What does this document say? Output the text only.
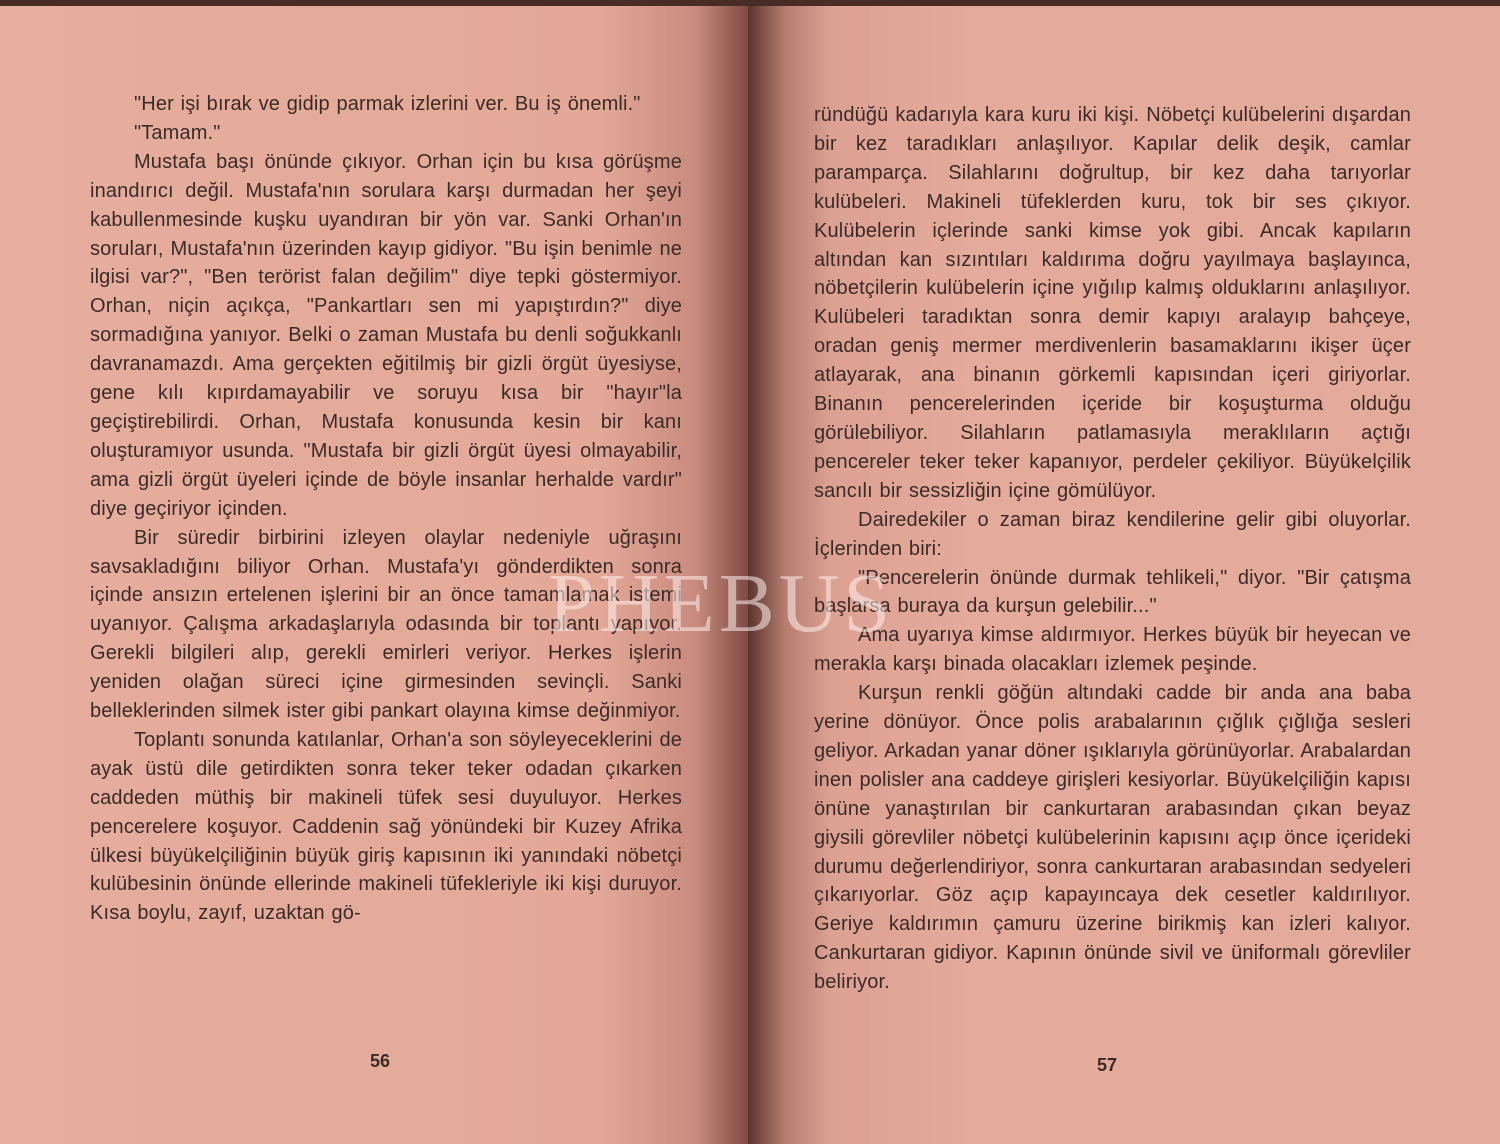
"Her işi bırak ve gidip parmak izlerini ver. Bu iş önemli."

"Tamam."

Mustafa başı önünde çıkıyor. Orhan için bu kısa görüşme inandırıcı değil. Mustafa'nın sorulara karşı durmadan her şeyi kabullenmesinde kuşku uyandıran bir yön var. Sanki Orhan'ın soruları, Mustafa'nın üzerinden kayıp gidiyor. "Bu işin benimle ne ilgisi var?", "Ben terörist falan değilim" diye tepki göstermiyor. Orhan, niçin açıkça, "Pankartları sen mi yapıştırdın?" diye sormadığına yanıyor. Belki o zaman Mustafa bu denli soğukkanlı davranamazdı. Ama gerçekten eğitilmiş bir gizli örgüt üyesiyse, gene kılı kıpırdamayabilir ve soruyu kısa bir "hayır"la geçiştirebilirdi. Orhan, Mustafa konusunda kesin bir kanı oluşturamıyor usunda. "Mustafa bir gizli örgüt üyesi olmayabilir, ama gizli örgüt üyeleri içinde de böyle insanlar herhalde vardır" diye geçiriyor içinden.

Bir süredir birbirini izleyen olaylar nedeniyle uğraşını savsakladığını biliyor Orhan. Mustafa'yı gönderdikten sonra içinde ansızın ertelenen işlerini bir an önce tamamlamak istemi uyanıyor. Çalışma arkadaşlarıyla odasında bir toplantı yapıyor. Gerekli bilgileri alıp, gerekli emirleri veriyor. Herkes işlerin yeniden olağan süreci içine girmesinden sevinçli. Sanki belleklerinden silmek ister gibi pankart olayına kimse değinmiyor.

Toplantı sonunda katılanlar, Orhan'a son söyleyeceklerini de ayak üstü dile getirdikten sonra teker teker odadan çıkarken caddeden müthiş bir makineli tüfek sesi duyuluyor. Herkes pencerelere koşuyor. Caddenin sağ yönündeki bir Kuzey Afrika ülkesi büyükelçiliğinin büyük giriş kapısının iki yanındaki nöbetçi kulübesinin önünde ellerinde makineli tüfekleriyle iki kişi duruyor. Kısa boylu, zayıf, uzaktan gö-

56

ründüğü kadarıyla kara kuru iki kişi. Nöbetçi kulübelerini dışardan bir kez taradıkları anlaşılıyor. Kapılar delik deşik, camlar paramparça. Silahlarını doğrultup, bir kez daha tarıyorlar kulübeleri. Makineli tüfeklerden kuru, tok bir ses çıkıyor. Kulübelerin içlerinde sanki kimse yok gibi. Ancak kapıların altından kan sızıntıları kaldırıma doğru yayılmaya başlayınca, nöbetçilerin kulübelerin içine yığılıp kalmış olduklarını anlaşılıyor. Kulübeleri taradıktan sonra demir kapıyı aralayıp bahçeye, oradan geniş mermer merdivenlerin basamaklarını ikişer üçer atlayarak, ana binanın görkemli kapısından içeri giriyorlar. Binanın pencerelerinden içeride bir koşuşturma olduğu görülebiliyor. Silahların patlamasıyla meraklıların açtığı pencereler teker teker kapanıyor, perdeler çekiliyor. Büyükelçilik sancılı bir sessizliğin içine gömülüyor.

Dairedekiler o zaman biraz kendilerine gelir gibi oluyorlar. İçlerinden biri:

"Pencerelerin önünde durmak tehlikeli," diyor. "Bir çatışma başlarsa buraya da kurşun gelebilir..."

Ama uyarıya kimse aldırmıyor. Herkes büyük bir heyecan ve merakla karşı binada olacakları izlemek peşinde.

Kurşun renkli göğün altındaki cadde bir anda ana baba yerine dönüyor. Önce polis arabalarının çığlık çığlığa sesleri geliyor. Arkadan yanar döner ışıklarıyla görünüyorlar. Arabalardan inen polisler ana caddeye girişleri kesiyorlar. Büyükelçiliğin kapısı önüne yanaştırılan bir cankurtaran arabasından çıkan beyaz giysili görevliler nöbetçi kulübelerinin kapısını açıp önce içerideki durumu değerlendiriyor, sonra cankurtaran arabasından sedyeleri çıkarıyorlar. Göz açıp kapayıncaya dek cesetler kaldırılıyor. Geriye kaldırımın çamuru üzerine birikmiş kan izleri kalıyor. Cankurtaran gidiyor. Kapının önünde sivil ve üniformalı görevliler beliriyor.

57
PHEBUS
